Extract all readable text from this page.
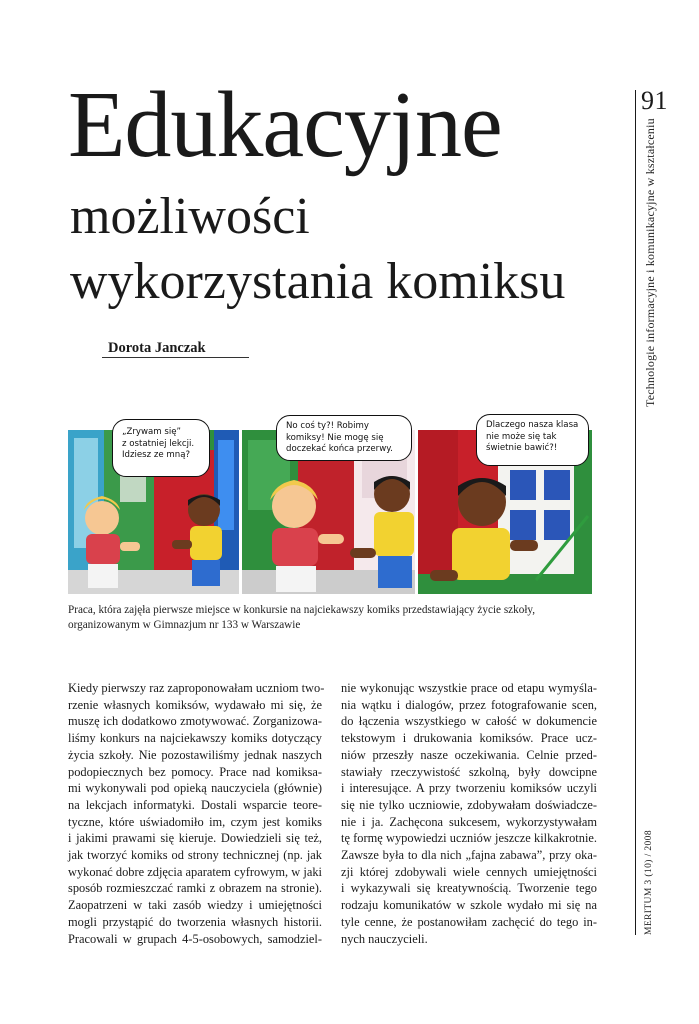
91
Technologie informacyjne i komunikacyjne w kształceniu
MERITUM 3 (10) / 2008
Edukacyjne
możliwości
wykorzystania komiksu
Dorota Janczak
„Zrywam się”
z ostatniej lekcji.
Idziesz ze mną?
No coś ty?! Robimy
komiksy! Nie mogę się
doczekać końca przerwy.
Dlaczego nasza klasa
nie może się tak
świetnie bawić?!
Praca, która zajęła pierwsze miejsce w konkursie na najciekawszy komiks przedstawiający życie szkoły,
organizowanym w Gimnazjum nr 133 w Warszawie
Kiedy pierwszy raz zaproponowałam uczniom two-
rzenie własnych komiksów, wydawało mi się, że
muszę ich dodatkowo zmotywować. Zorganizowa-
liśmy konkurs na najciekawszy komiks dotyczący
życia szkoły. Nie pozostawiliśmy jednak naszych
podopiecznych bez pomocy. Prace nad komiksa-
mi wykonywali pod opieką nauczyciela (głównie)
na lekcjach informatyki. Dostali wsparcie teore-
tyczne, które uświadomiło im, czym jest komiks
i jakimi prawami się kieruje. Dowiedzieli się też,
jak tworzyć komiks od strony technicznej (np. jak
wykonać dobre zdjęcia aparatem cyfrowym, w jaki
sposób rozmieszczać ramki z obrazem na stronie).
Zaopatrzeni w taki zasób wiedzy i umiejętności
mogli przystąpić do tworzenia własnych historii.
Pracowali w grupach 4-5-osobowych, samodziel-
nie wykonując wszystkie prace od etapu wymyśla-
nia wątku i dialogów, przez fotografowanie scen,
do łączenia wszystkiego w całość w dokumencie
tekstowym i drukowania komiksów. Prace ucz-
niów przeszły nasze oczekiwania. Celnie przed-
stawiały rzeczywistość szkolną, były dowcipne
i interesujące. A przy tworzeniu komiksów uczyli
się nie tylko uczniowie, zdobywałam doświadcze-
nie i ja. Zachęcona sukcesem, wykorzystywałam
tę formę wypowiedzi uczniów jeszcze kilkakrotnie.
Zawsze była to dla nich „fajna zabawa”, przy oka-
zji której zdobywali wiele cennych umiejętności
i wykazywali się kreatywnością. Tworzenie tego
rodzaju komunikatów w szkole wydało mi się na
tyle cenne, że postanowiłam zachęcić do tego in-
nych nauczycieli.
